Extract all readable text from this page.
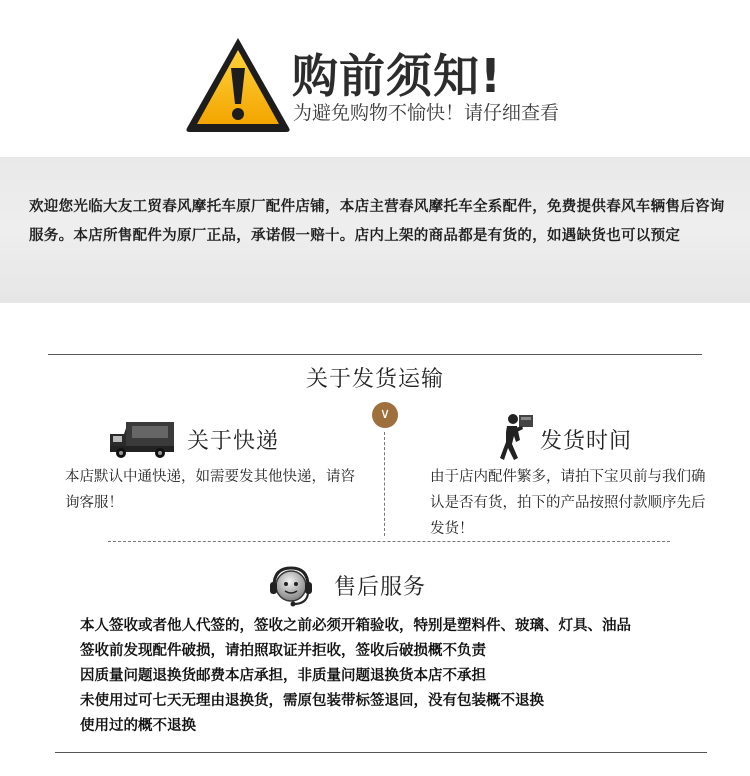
购前须知!
为避免购物不愉快！请仔细查看
欢迎您光临大友工贸春风摩托车原厂配件店铺，本店主营春风摩托车全系配件，免费提供春风车辆售后咨询服务。本店所售配件为原厂正品，承诺假一赔十。店内上架的商品都是有货的，如遇缺货也可以预定
关于发货运输
∨
关于快递
本店默认中通快递，如需要发其他快递，请咨询客服！
发货时间
由于店内配件繁多，请拍下宝贝前与我们确认是否有货，拍下的产品按照付款顺序先后发货！
售后服务
本人签收或者他人代签的，签收之前必须开箱验收，特别是塑料件、玻璃、灯具、油品
签收前发现配件破损，请拍照取证并拒收，签收后破损概不负责
因质量问题退换货邮费本店承担，非质量问题退换货本店不承担
未使用过可七天无理由退换货，需原包装带标签退回，没有包装概不退换
使用过的概不退换
